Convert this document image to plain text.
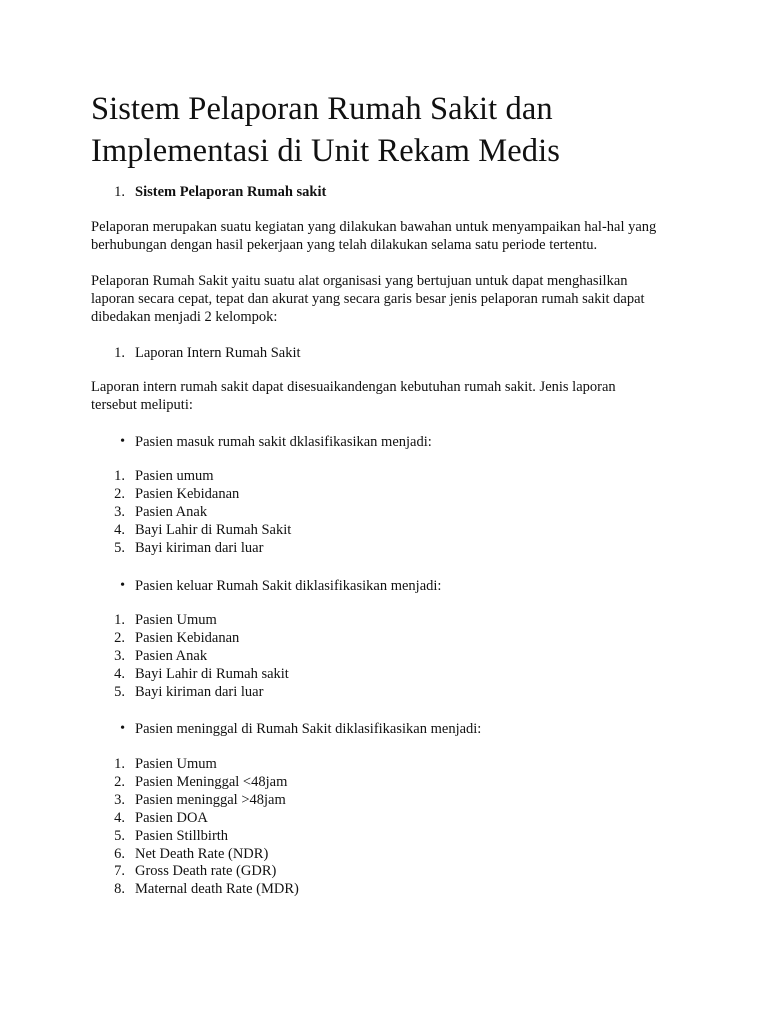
Sistem Pelaporan Rumah Sakit dan
Implementasi di Unit Rekam Medis
1. Sistem Pelaporan Rumah sakit

Pelaporan merupakan suatu kegiatan yang dilakukan bawahan untuk menyampaikan hal-hal yang
berhubungan dengan hasil pekerjaan yang telah dilakukan selama satu periode tertentu.

Pelaporan Rumah Sakit yaitu suatu alat organisasi yang bertujuan untuk dapat menghasilkan
laporan secara cepat, tepat dan akurat yang secara garis besar jenis pelaporan rumah sakit dapat
dibedakan menjadi 2 kelompok:

1. Laporan Intern Rumah Sakit

Laporan intern rumah sakit dapat disesuaikandengan kebutuhan rumah sakit. Jenis laporan
tersebut meliputi:

• Pasien masuk rumah sakit dklasifikasikan menjadi:
1. Pasien umum
2. Pasien Kebidanan
3. Pasien Anak
4. Bayi Lahir di Rumah Sakit
5. Bayi kiriman dari luar
• Pasien keluar Rumah Sakit diklasifikasikan menjadi:
1. Pasien Umum
2. Pasien Kebidanan
3. Pasien Anak
4. Bayi Lahir di Rumah sakit
5. Bayi kiriman dari luar
• Pasien meninggal di Rumah Sakit diklasifikasikan menjadi:
1. Pasien Umum
2. Pasien Meninggal <48jam
3. Pasien meninggal >48jam
4. Pasien DOA
5. Pasien Stillbirth
6. Net Death Rate (NDR)
7. Gross Death rate (GDR)
8. Maternal death Rate (MDR)
